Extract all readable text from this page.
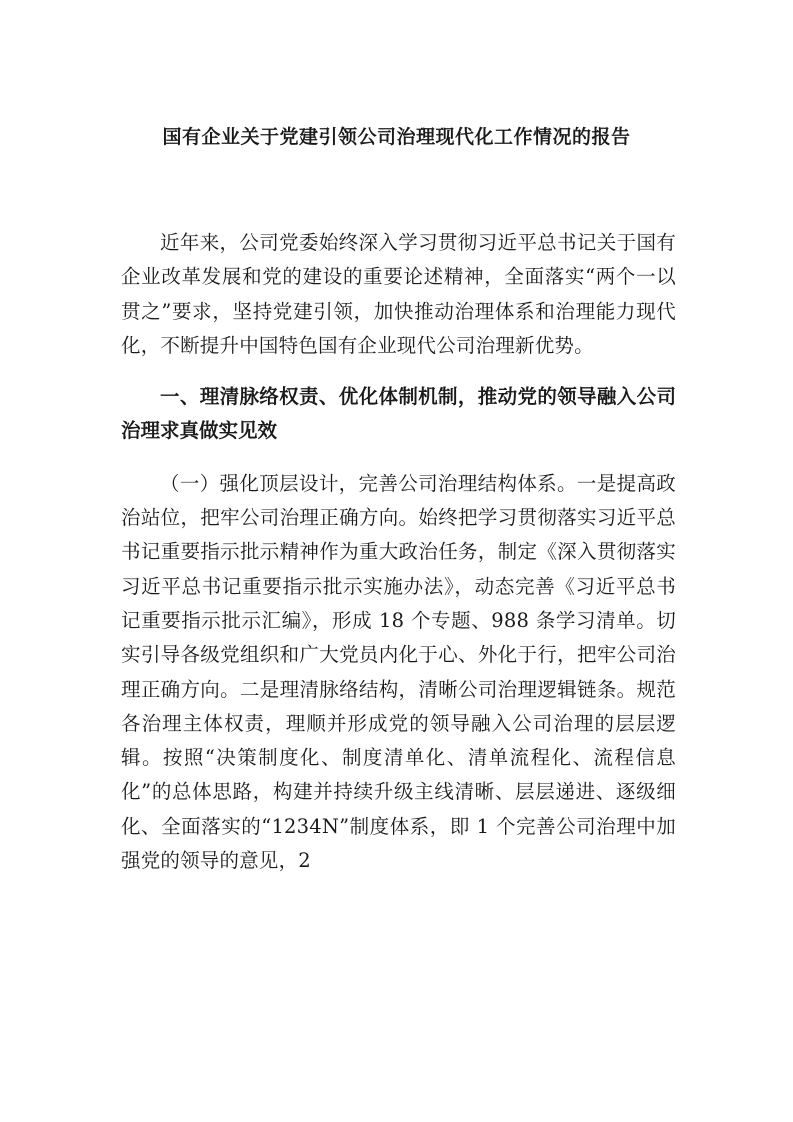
国有企业关于党建引领公司治理现代化工作情况的报告

近年来，公司党委始终深入学习贯彻习近平总书记关于国有企业改革发展和党的建设的重要论述精神，全面落实“两个一以贯之”要求，坚持党建引领，加快推动治理体系和治理能力现代化，不断提升中国特色国有企业现代公司治理新优势。

一、理清脉络权责、优化体制机制，推动党的领导融入公司治理求真做实见效

（一）强化顶层设计，完善公司治理结构体系。一是提高政治站位，把牢公司治理正确方向。始终把学习贯彻落实习近平总书记重要指示批示精神作为重大政治任务，制定《深入贯彻落实习近平总书记重要指示批示实施办法》，动态完善《习近平总书记重要指示批示汇编》，形成 18 个专题、988 条学习清单。切实引导各级党组织和广大党员内化于心、外化于行，把牢公司治理正确方向。二是理清脉络结构，清晰公司治理逻辑链条。规范各治理主体权责，理顺并形成党的领导融入公司治理的层层逻辑。按照“决策制度化、制度清单化、清单流程化、流程信息化”的总体思路，构建并持续升级主线清晰、层层递进、逐级细化、全面落实的“1234N”制度体系，即 1 个完善公司治理中加强党的领导的意见，2
